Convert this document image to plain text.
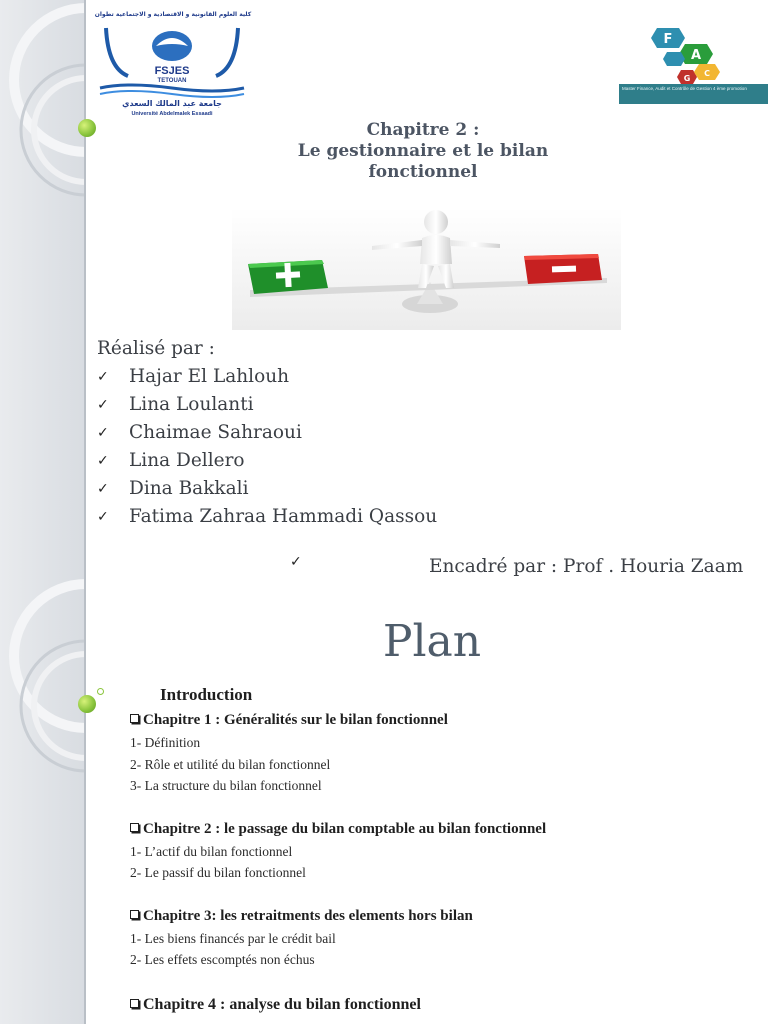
كلية العلوم القانونية و الاقتصادية و الاجتماعية تطوان
FSJES
TETOUAN
جامعة عبد المالك السعدي
Université Abdelmalek Essaadi
F
A
G
C
Master Finance, Audit et Contrôle de Gestion 4 ème promotion
Chapitre 2 :
Le gestionnaire et le bilan
fonctionnel
Réalisé par :
✓ Hajar El Lahlouh
✓ Lina Loulanti
✓ Chaimae Sahraoui
✓ Lina Dellero
✓ Dina Bakkali
✓ Fatima Zahraa Hammadi Qassou
✓	Encadré par : Prof . Houria Zaam
Plan
Introduction
Chapitre 1 : Généralités sur le bilan fonctionnel
1- Définition
2- Rôle et utilité du bilan fonctionnel
3- La structure du bilan fonctionnel
Chapitre 2 : le passage du bilan comptable au bilan fonctionnel
1- L’actif du bilan fonctionnel
2- Le passif du bilan fonctionnel
Chapitre 3: les retraitments des elements hors bilan
1- Les biens financés par le crédit bail
2- Les effets escomptés non échus
Chapitre 4 : analyse du bilan fonctionnel
